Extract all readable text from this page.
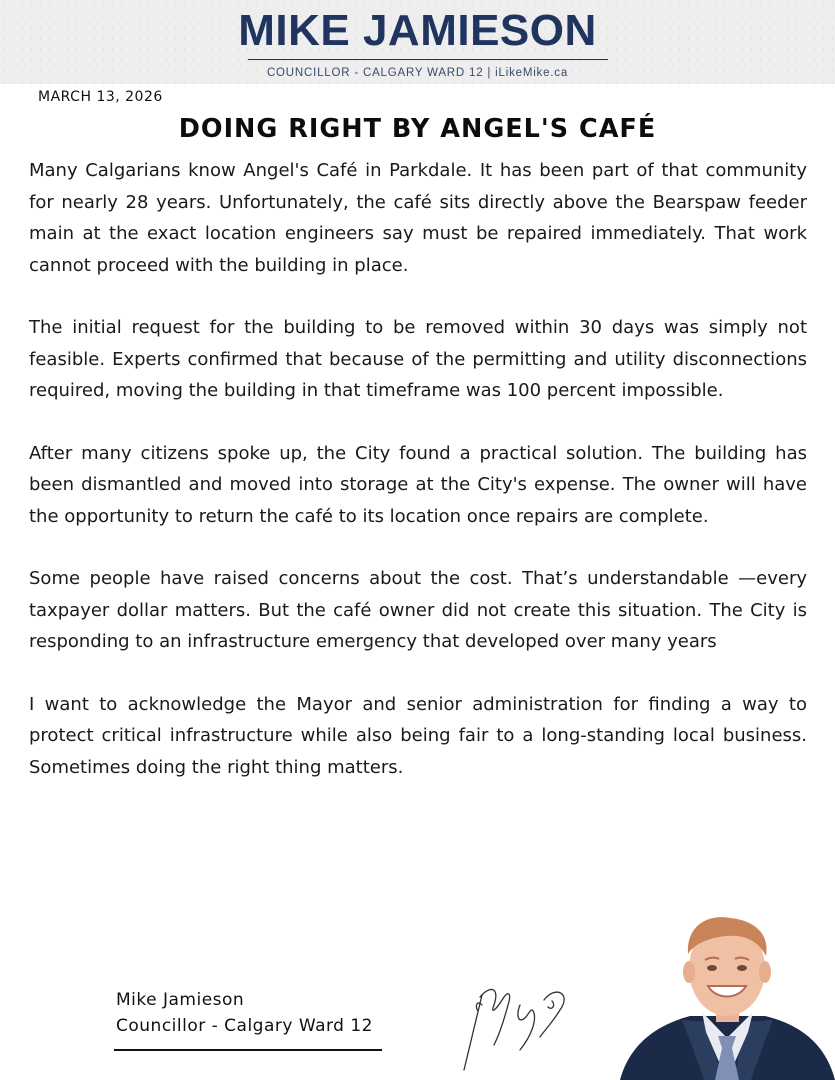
MIKE JAMIESON
COUNCILLOR - CALGARY WARD 12 | iLikeMike.ca
MARCH 13, 2026
DOING RIGHT BY ANGEL'S CAFÉ

Many Calgarians know Angel's Café in Parkdale. It has been part of that community for nearly 28 years. Unfortunately, the café sits directly above the Bearspaw feeder main at the exact location engineers say must be repaired immediately. That work cannot proceed with the building in place.

The initial request for the building to be removed within 30 days was simply not feasible. Experts confirmed that because of the permitting and utility disconnections required, moving the building in that timeframe was 100 percent impossible.

After many citizens spoke up, the City found a practical solution. The building has been dismantled and moved into storage at the City's expense. The owner will have the opportunity to return the café to its location once repairs are complete.

Some people have raised concerns about the cost. That’s understandable —every taxpayer dollar matters. But the café owner did not create this situation. The City is responding to an infrastructure emergency that developed over many years

I want to acknowledge the Mayor and senior administration for finding a way to protect critical infrastructure while also being fair to a long-standing local business. Sometimes doing the right thing matters.

Mike Jamieson
Councillor - Calgary Ward 12
